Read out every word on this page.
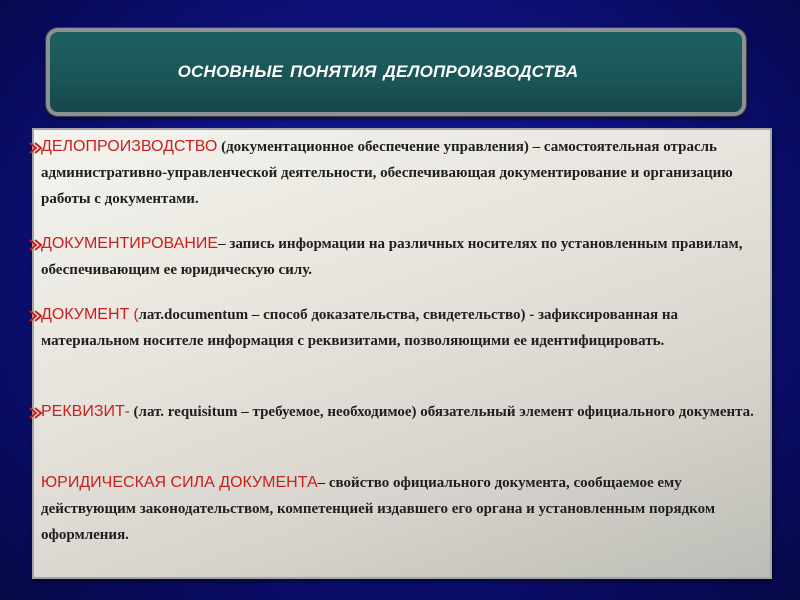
ОСНОВНЫЕ ПОНЯТИЯ ДЕЛОПРОИЗВОДСТВА
ДЕЛОПРОИЗВОДСТВО (документационное обеспечение управления) – самостоятельная отрасль административно-управленческой деятельности, обеспечивающая документирование и организацию работы с документами.
ДОКУМЕНТИРОВАНИЕ– запись информации на различных носителях по установленным правилам, обеспечивающим ее юридическую силу.
ДОКУМЕНТ (лат.documentum – способ доказательства, свидетельство) - зафиксированная на материальном носителе информация с реквизитами, позволяющими ее идентифицировать.
РЕКВИЗИТ- (лат. requisitum – требуемое, необходимое) обязательный элемент официального документа.
ЮРИДИЧЕСКАЯ СИЛА ДОКУМЕНТА– свойство официального документа, сообщаемое ему действующим законодательством, компетенцией издавшего его органа и установленным порядком оформления.
